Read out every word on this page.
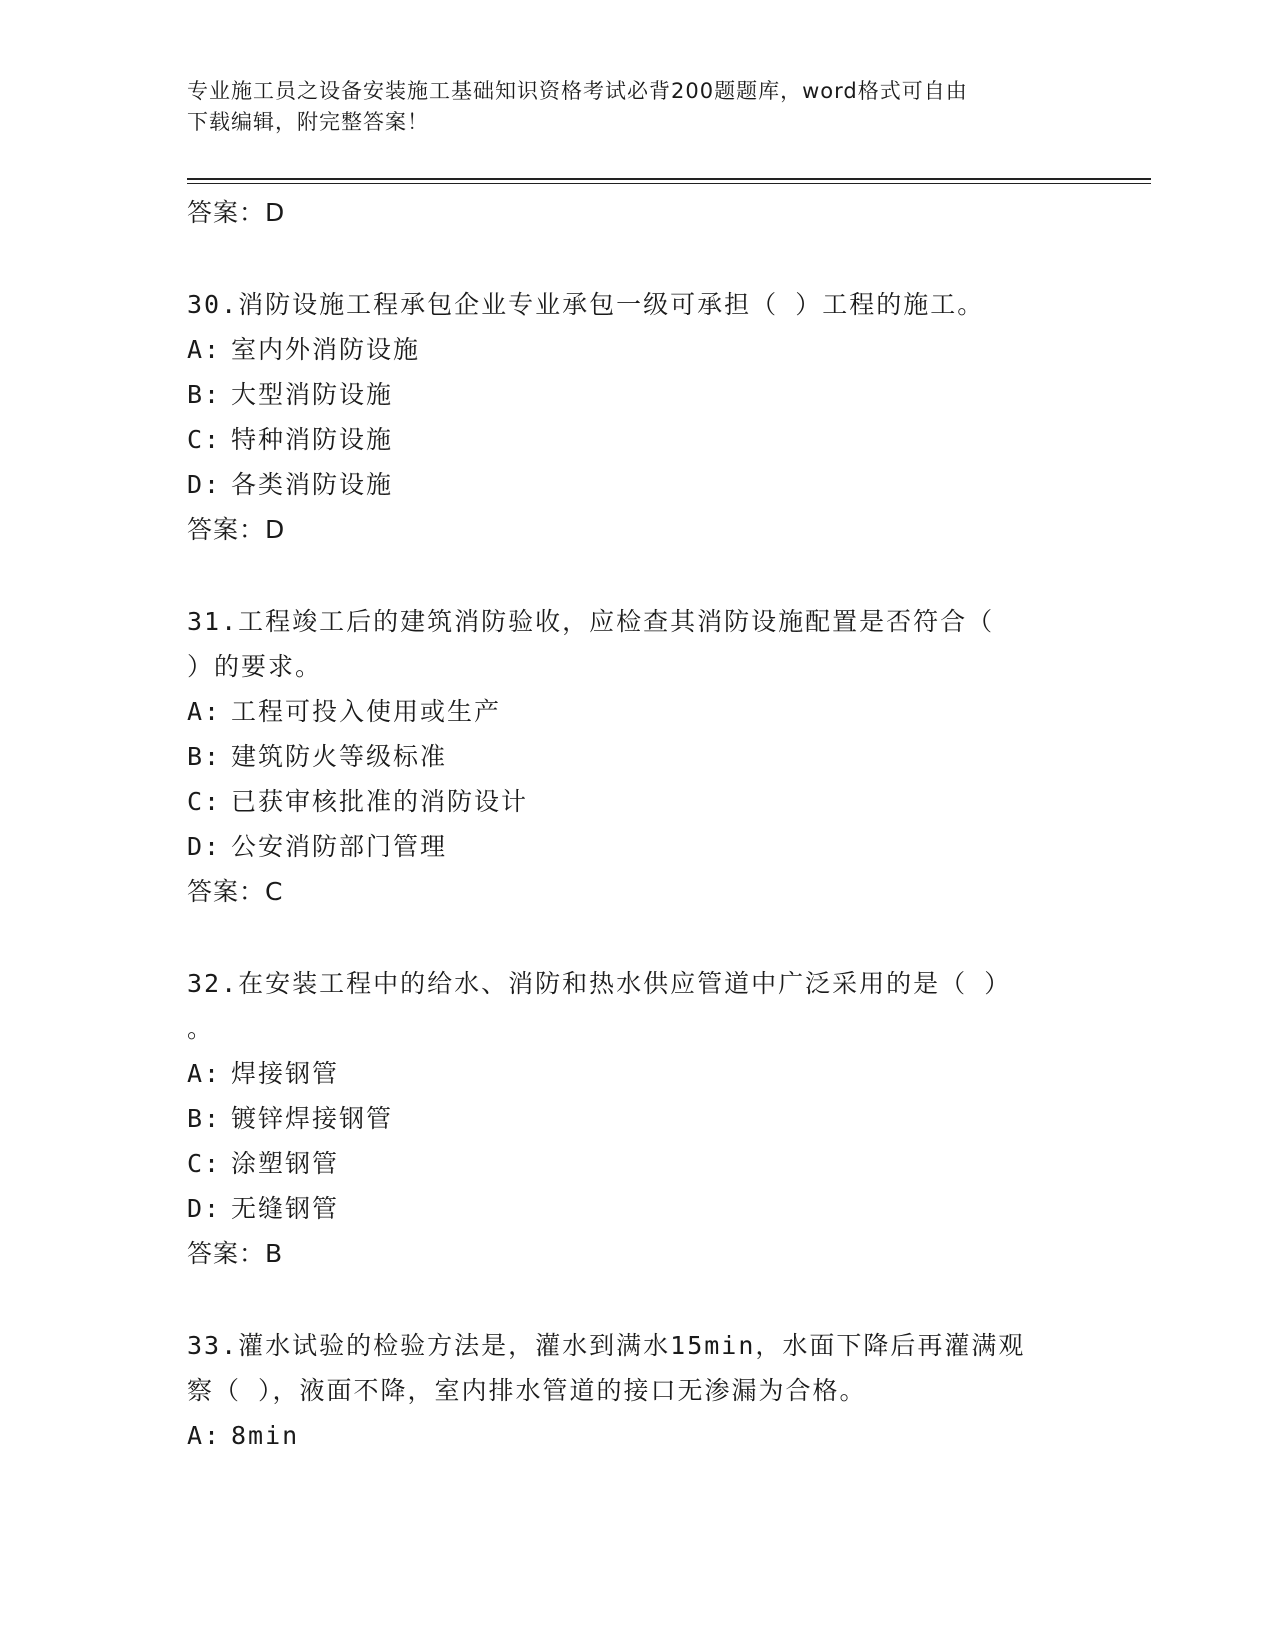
专业施工员之设备安装施工基础知识资格考试必背200题题库，word格式可自由
下载编辑，附完整答案！
答案：D
30.消防设施工程承包企业专业承包一级可承担（ ）工程的施工。
A: 室内外消防设施
B: 大型消防设施
C: 特种消防设施
D: 各类消防设施
答案：D
31.工程竣工后的建筑消防验收，应检查其消防设施配置是否符合（
）的要求。
A: 工程可投入使用或生产
B: 建筑防火等级标准
C: 已获审核批准的消防设计
D: 公安消防部门管理
答案：C
32.在安装工程中的给水、消防和热水供应管道中广泛采用的是（ ）
。
A: 焊接钢管
B: 镀锌焊接钢管
C: 涂塑钢管
D: 无缝钢管
答案：B
33.灌水试验的检验方法是，灌水到满水15min，水面下降后再灌满观
察（ ），液面不降，室内排水管道的接口无渗漏为合格。
A: 8min
